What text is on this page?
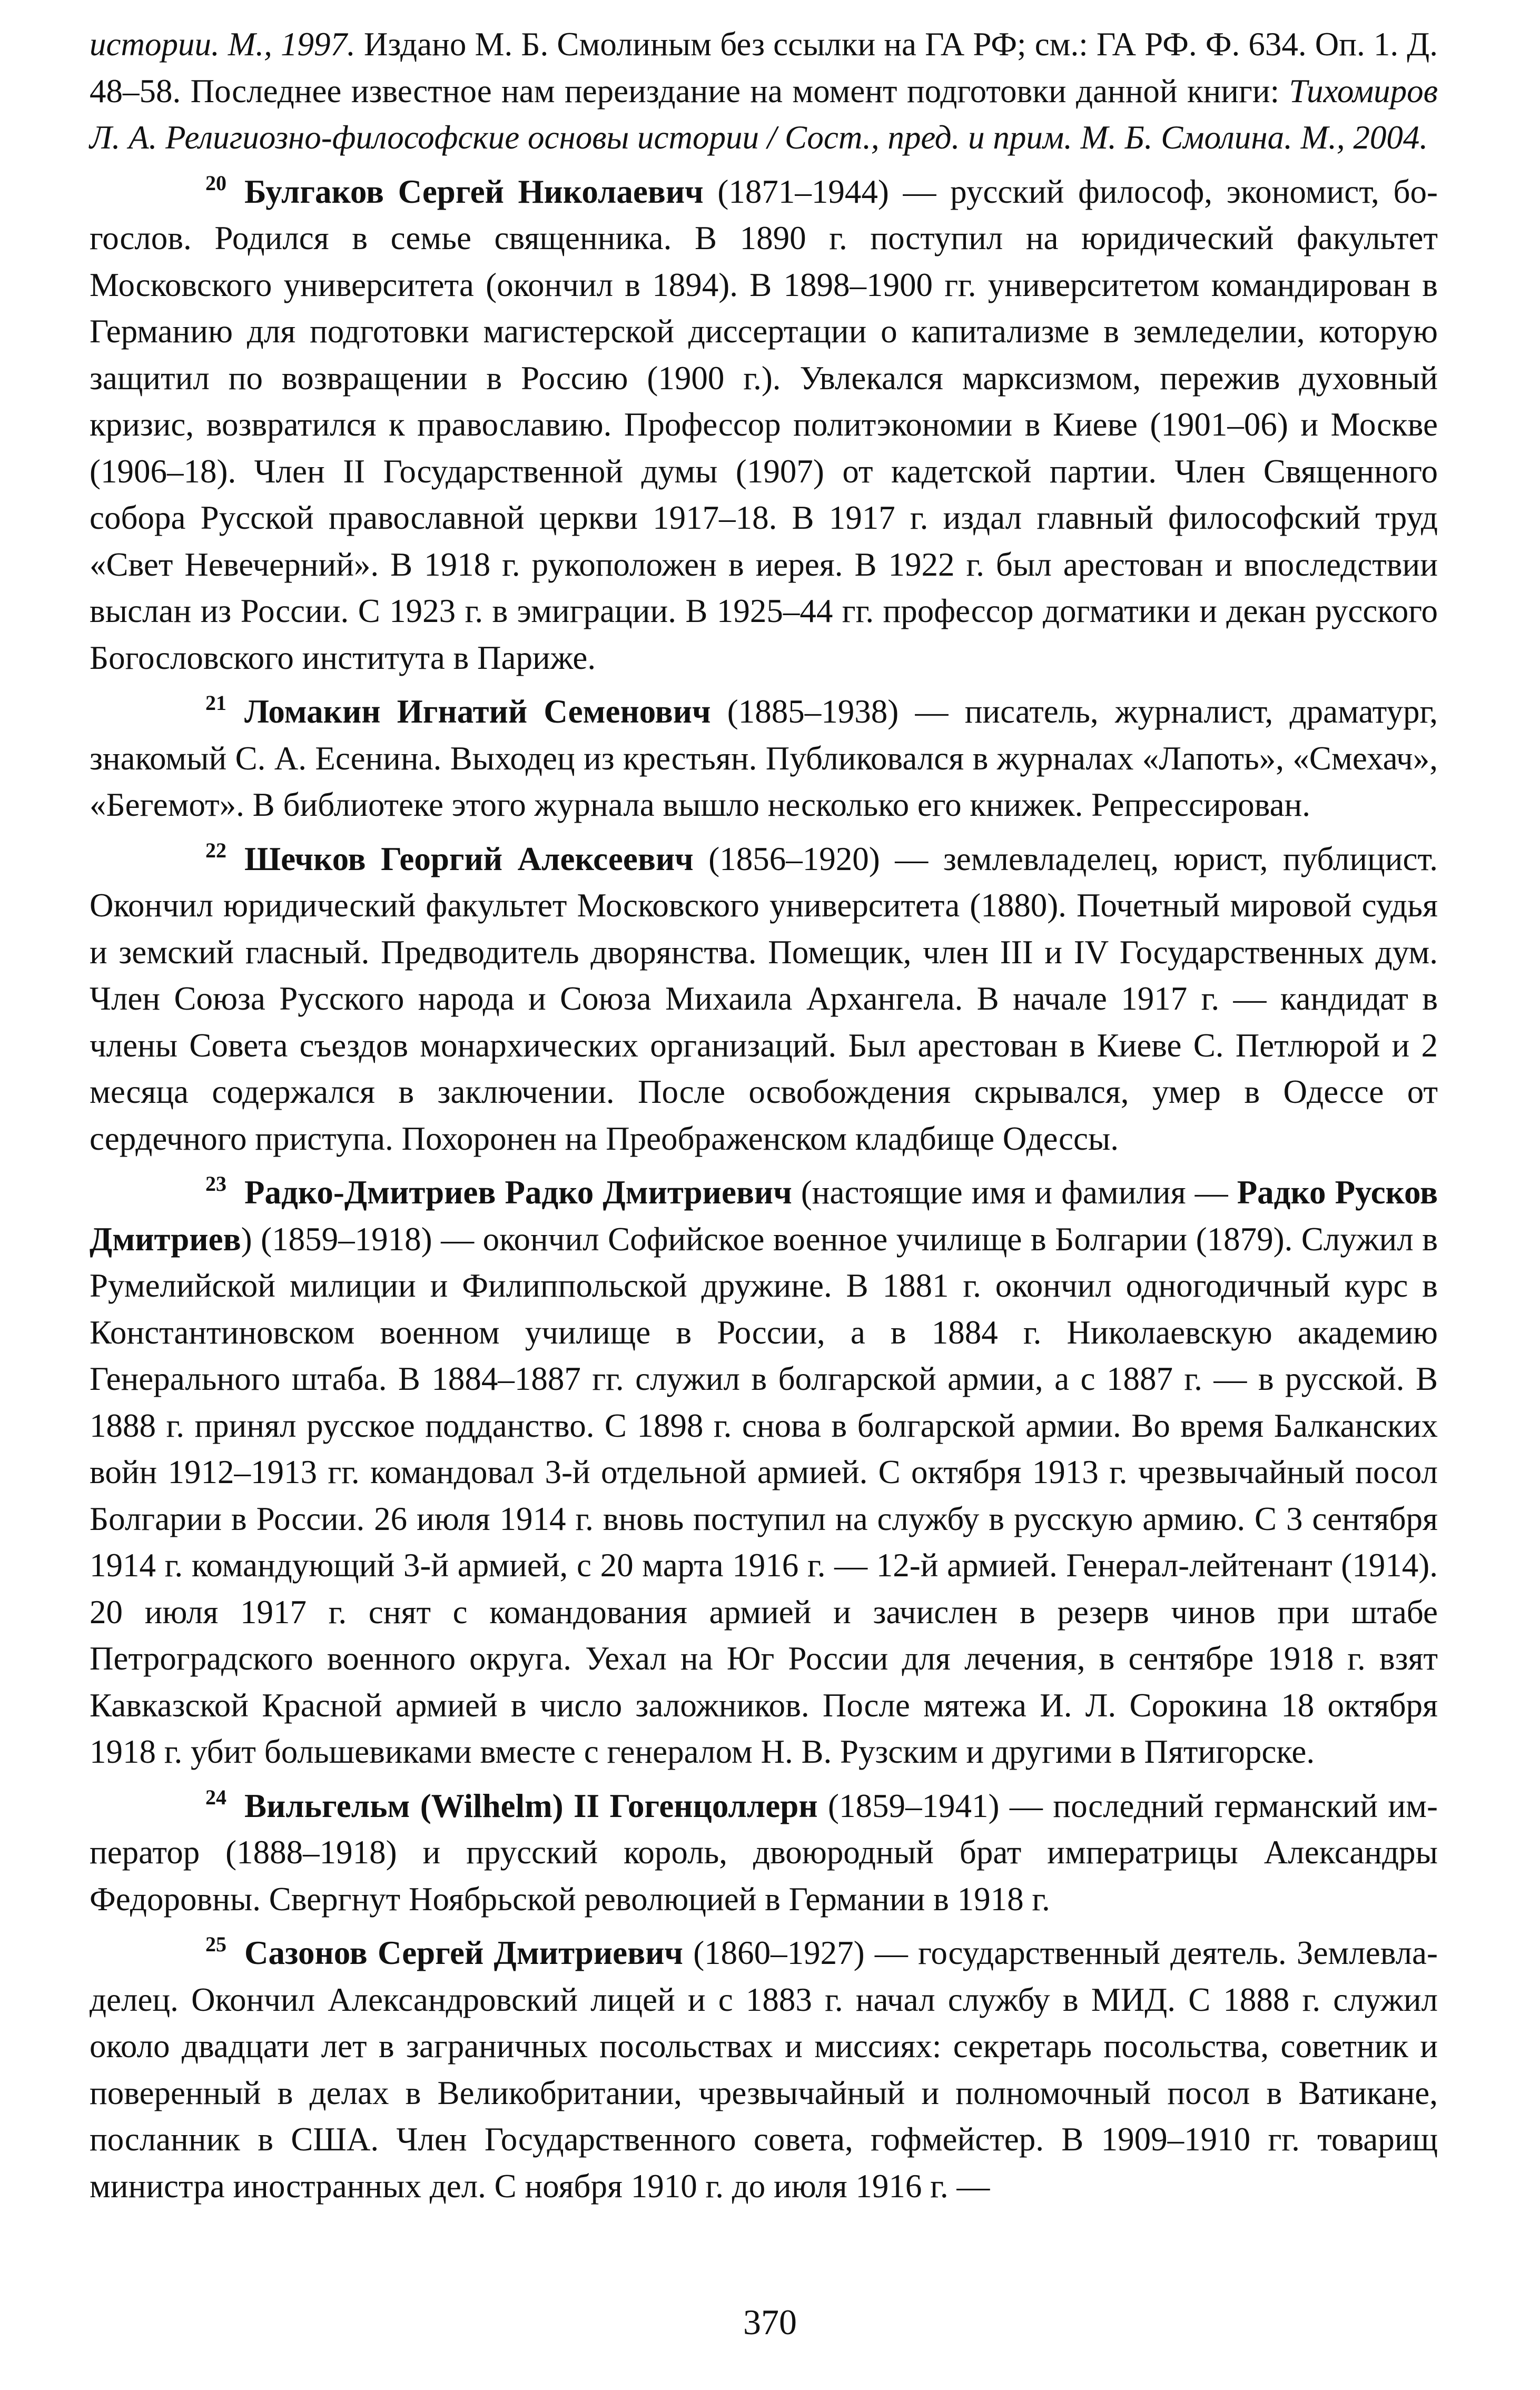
истории. М., 1997. Издано М. Б. Смолиным без ссылки на ГА РФ; см.: ГА РФ. Ф. 634. Оп. 1. Д. 48–58. Последнее известное нам переиздание на момент подготовки данной книги: Тихомиров Л. А. Религиозно-философские основы истории / Сост., пред. и прим. М. Б. Смолина. М., 2004.

$^{20}$ Булгаков Сергей Николаевич (1871–1944) — русский философ, экономист, богослов. Родился в семье священника. В 1890 г. поступил на юридический факультет Московского университета (окончил в 1894). В 1898–1900 гг. университетом командирован в Германию для подготовки магистерской диссертации о капитализме в земледелии, которую защитил по возвращении в Россию (1900 г.). Увлекался марксизмом, пережив духовный кризис, возвратился к православию. Профессор политэкономии в Киеве (1901–06) и Москве (1906–18). Член II Государственной думы (1907) от кадетской партии. Член Священного собора Русской православной церкви 1917–18. В 1917 г. издал главный философский труд «Свет Невечерний». В 1918 г. рукоположен в иерея. В 1922 г. был арестован и впоследствии выслан из России. С 1923 г. в эмиграции. В 1925–44 гг. профессор догматики и декан русского Богословского института в Париже.

$^{21}$ Ломакин Игнатий Семенович (1885–1938) — писатель, журналист, драматург, знакомый С. А. Есенина. Выходец из крестьян. Публиковался в журналах «Лапоть», «Смехач», «Бегемот». В библиотеке этого журнала вышло несколько его книжек. Репрессирован.

$^{22}$ Шечков Георгий Алексеевич (1856–1920) — землевладелец, юрист, публицист. Окончил юридический факультет Московского университета (1880). Почетный мировой судья и земский гласный. Предводитель дворянства. Помещик, член III и IV Государственных дум. Член Союза Русского народа и Союза Михаила Архангела. В начале 1917 г. — кандидат в члены Совета съездов монархических организаций. Был арестован в Киеве С. Петлюрой и 2 месяца содержался в заключении. После освобождения скрывался, умер в Одессе от сердечного приступа. Похоронен на Преображенском кладбище Одессы.

$^{23}$ Радко-Дмитриев Радко Дмитриевич (настоящие имя и фамилия — Радко Русков Дмитриев) (1859–1918) — окончил Софийское военное училище в Болгарии (1879). Служил в Румелийской милиции и Филиппольской дружине. В 1881 г. окончил одногодичный курс в Константиновском военном училище в России, а в 1884 г. Николаевскую академию Генерального штаба. В 1884–1887 гг. служил в болгарской армии, а с 1887 г. — в русской. В 1888 г. принял русское подданство. С 1898 г. снова в болгарской армии. Во время Балканских войн 1912–1913 гг. командовал 3-й отдельной армией. С октября 1913 г. чрезвычайный посол Болгарии в России. 26 июля 1914 г. вновь поступил на службу в русскую армию. С 3 сентября 1914 г. командующий 3-й армией, с 20 марта 1916 г. — 12-й армией. Генерал-лейтенант (1914). 20 июля 1917 г. снят с командования армией и зачислен в резерв чинов при штабе Петроградского военного округа. Уехал на Юг России для лечения, в сентябре 1918 г. взят Кавказской Красной армией в число заложников. После мятежа И. Л. Сорокина 18 октября 1918 г. убит большевиками вместе с генералом Н. В. Рузским и другими в Пятигорске.

$^{24}$ Вильгельм (Wilhelm) II Гогенцоллерн (1859–1941) — последний германский император (1888–1918) и прусский король, двоюродный брат императрицы Александры Федоровны. Свергнут Ноябрьской революцией в Германии в 1918 г.

$^{25}$ Сазонов Сергей Дмитриевич (1860–1927) — государственный деятель. Землевладелец. Окончил Александровский лицей и с 1883 г. начал службу в МИД. С 1888 г. служил около двадцати лет в заграничных посольствах и миссиях: секретарь посольства, советник и поверенный в делах в Великобритании, чрезвычайный и полномочный посол в Ватикане, посланник в США. Член Государственного совета, гофмейстер. В 1909–1910 гг. товарищ министра иностранных дел. С ноября 1910 г. до июля 1916 г. —

370
